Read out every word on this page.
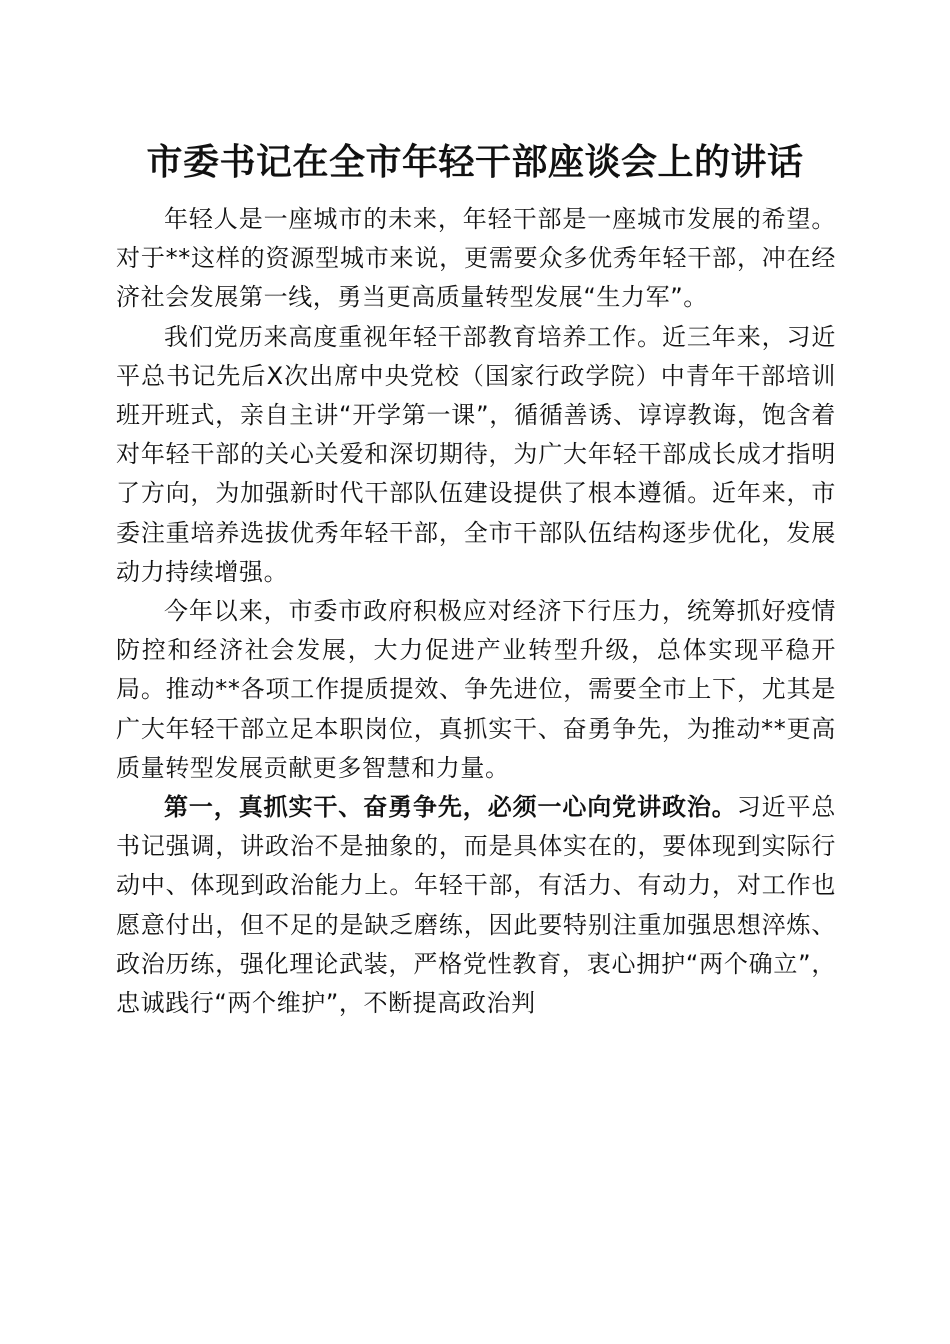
市委书记在全市年轻干部座谈会上的讲话

年轻人是一座城市的未来，年轻干部是一座城市发展的希望。对于**这样的资源型城市来说，更需要众多优秀年轻干部，冲在经济社会发展第一线，勇当更高质量转型发展“生力军”。

我们党历来高度重视年轻干部教育培养工作。近三年来，习近平总书记先后X次出席中央党校（国家行政学院）中青年干部培训班开班式，亲自主讲“开学第一课”，循循善诱、谆谆教诲，饱含着对年轻干部的关心关爱和深切期待，为广大年轻干部成长成才指明了方向，为加强新时代干部队伍建设提供了根本遵循。近年来，市委注重培养选拔优秀年轻干部，全市干部队伍结构逐步优化，发展动力持续增强。

今年以来，市委市政府积极应对经济下行压力，统筹抓好疫情防控和经济社会发展，大力促进产业转型升级，总体实现平稳开局。推动**各项工作提质提效、争先进位，需要全市上下，尤其是广大年轻干部立足本职岗位，真抓实干、奋勇争先，为推动**更高质量转型发展贡献更多智慧和力量。

第一，真抓实干、奋勇争先，必须一心向党讲政治。习近平总书记强调，讲政治不是抽象的，而是具体实在的，要体现到实际行动中、体现到政治能力上。年轻干部，有活力、有动力，对工作也愿意付出，但不足的是缺乏磨练，因此要特别注重加强思想淬炼、政治历练，强化理论武装，严格党性教育，衷心拥护“两个确立”，忠诚践行“两个维护”，不断提高政治判
